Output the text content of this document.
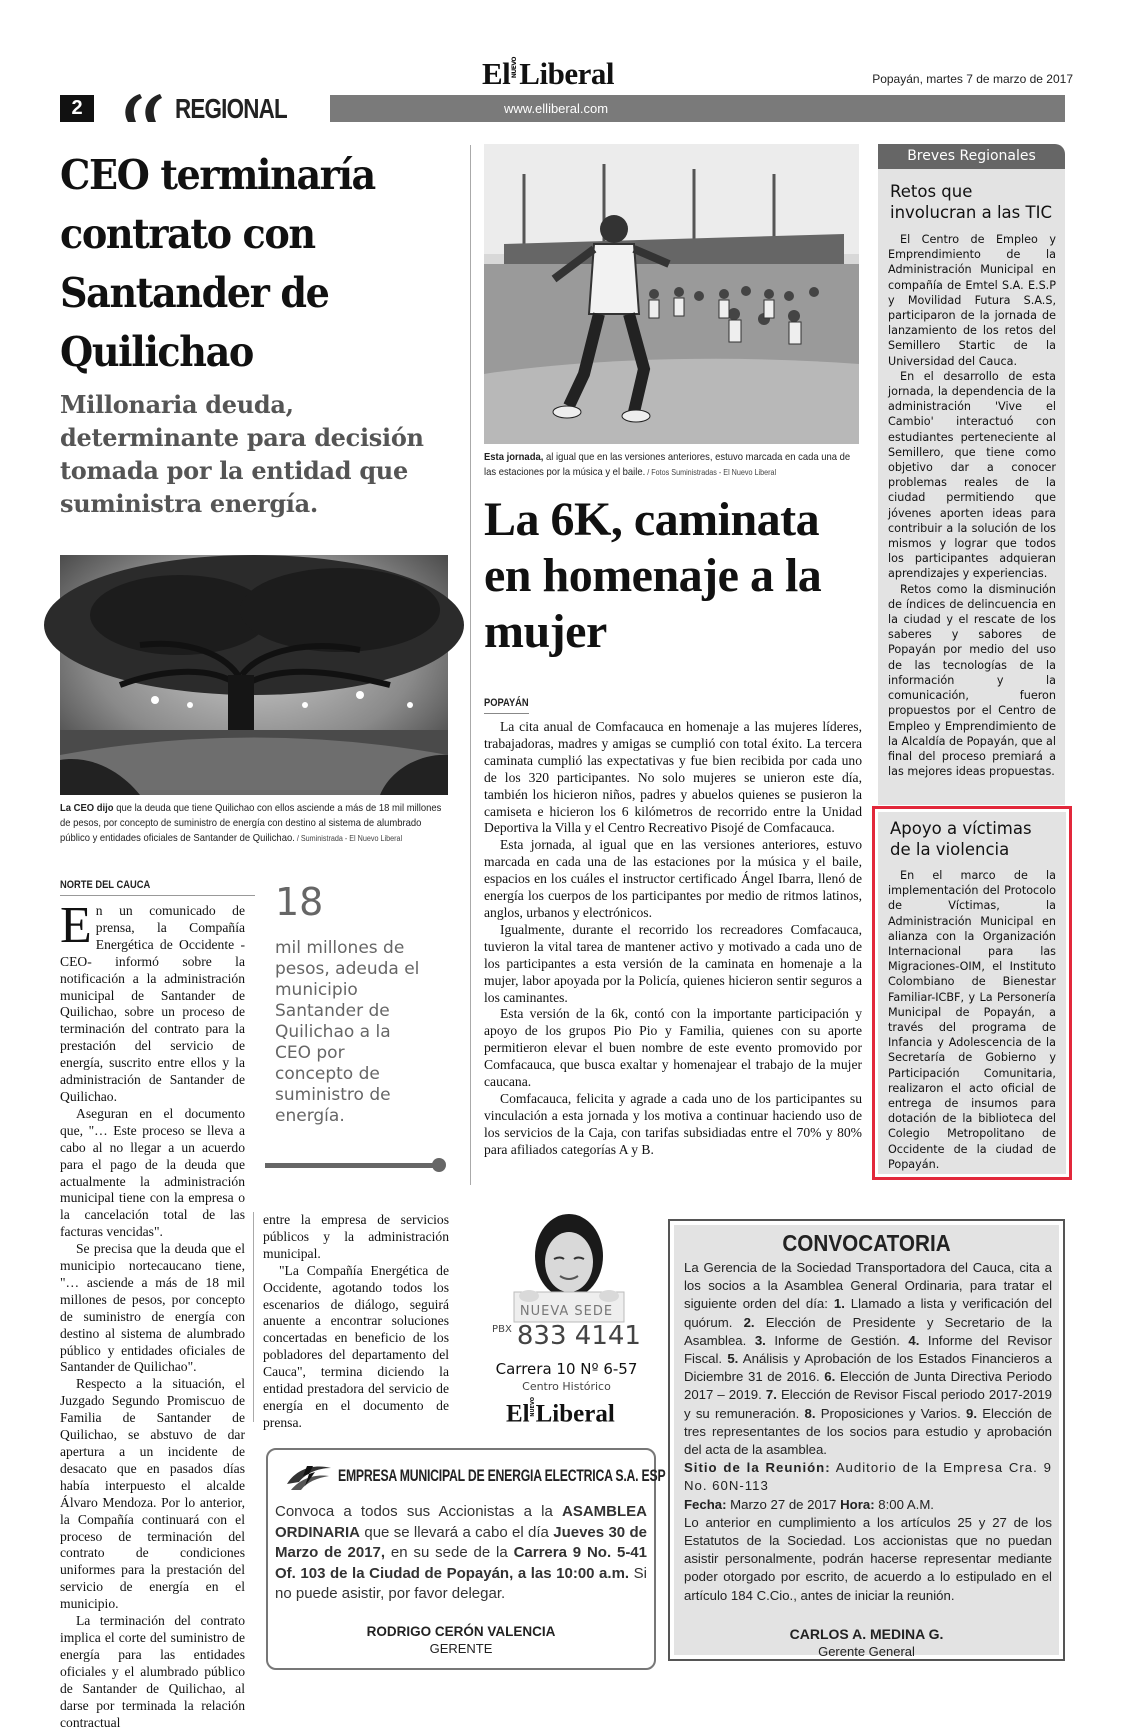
ElNUEVOLiberal	Popayán, martes 7 de marzo de 2017
2	REGIONAL	www.elliberal.com
CEO terminaría contrato con Santander de Quilichao
Millonaria deuda, determinante para decisión tomada por la entidad que suministra energía.
La CEO dijo que la deuda que tiene Quilichao con ellos asciende a más de 18 mil millones de pesos, por concepto de suministro de energía con destino al sistema de alumbrado público y entidades oficiales de Santander de Quilichao. / Suministrada - El Nuevo Liberal
NORTE DEL CAUCA

En un comunicado de prensa, la Compañía Energética de Occidente -CEO- informó sobre la notificación a la administración municipal de Santander de Quilichao, sobre un proceso de terminación del contrato para la prestación del servicio de energía, suscrito entre ellos y la administración de Santander de Quilichao.

Aseguran en el documento que, "… Este proceso se lleva a cabo al no llegar a un acuerdo para el pago de la deuda que actualmente la administración municipal tiene con la empresa o la cancelación total de las facturas vencidas".

Se precisa que la deuda que el municipio nortecaucano tiene, "… asciende a más de 18 mil millones de pesos, por concepto de suministro de energía con destino al sistema de alumbrado público y entidades oficiales de Santander de Quilichao".

Respecto a la situación, el Juzgado Segundo Promiscuo de Familia de Santander de Quilichao, se abstuvo de dar apertura a un incidente de desacato que en pasados días había interpuesto el alcalde Álvaro Mendoza. Por lo anterior, la Compañía continuará con el proceso de terminación del contrato de condiciones uniformes para la prestación del servicio de energía en el municipio.

La terminación del contrato implica el corte del suministro de energía para las entidades oficiales y el alumbrado público de Santander de Quilichao, al darse por terminada la relación contractual

18
mil millones de pesos, adeuda el municipio Santander de Quilichao a la CEO por concepto de suministro de energía.

entre la empresa de servicios públicos y la administración municipal.

"La Compañía Energética de Occidente, agotando todos los escenarios de diálogo, seguirá anuente a encontrar soluciones concertadas en beneficio de los pobladores del departamento del Cauca", termina diciendo la entidad prestadora del servicio de energía en el documento de prensa.

Esta jornada, al igual que en las versiones anteriores, estuvo marcada en cada una de las estaciones por la música y el baile. / Fotos Suministradas - El Nuevo Liberal
La 6K, caminata en homenaje a la mujer
POPAYÁN

La cita anual de Comfacauca en homenaje a las mujeres líderes, trabajadoras, madres y amigas se cumplió con total éxito. La tercera caminata cumplió las expectativas y fue bien recibida por cada uno de los 320 participantes. No solo mujeres se unieron este día, también los hicieron niños, padres y abuelos quienes se pusieron la camiseta e hicieron los 6 kilómetros de recorrido entre la Unidad Deportiva la Villa y el Centro Recreativo Pisojé de Comfacauca.

Esta jornada, al igual que en las versiones anteriores, estuvo marcada en cada una de las estaciones por la música y el baile, espacios en los cuáles el instructor certificado Ángel Ibarra, llenó de energía los cuerpos de los participantes por medio de ritmos latinos, anglos, urbanos y electrónicos.

Igualmente, durante el recorrido los recreadores Comfacauca, tuvieron la vital tarea de mantener activo y motivado a cada uno de los participantes a esta versión de la caminata en homenaje a la mujer, labor apoyada por la Policía, quienes hicieron sentir seguros a los caminantes.

Esta versión de la 6k, contó con la importante participación y apoyo de los grupos Pio Pio y Familia, quienes con su aporte permitieron elevar el buen nombre de este evento promovido por Comfacauca, que busca exaltar y homenajear el trabajo de la mujer caucana.

Comfacauca, felicita y agrade a cada uno de los participantes su vinculación a esta jornada y los motiva a continuar haciendo uso de los servicios de la Caja, con tarifas subsidiadas entre el 70% y 80% para afiliados categorías A y B.

Breves Regionales
Retos que involucran a las TIC

El Centro de Empleo y Emprendimiento de la Administración Municipal en compañía de Emtel S.A. E.S.P y Movilidad Futura S.A.S, participaron de la jornada de lanzamiento de los retos del Semillero Startic de la Universidad del Cauca.

En el desarrollo de esta jornada, la dependencia de la administración 'Vive el Cambio' interactuó con estudiantes perteneciente al Semillero, que tiene como objetivo dar a conocer problemas reales de la ciudad permitiendo que jóvenes aporten ideas para contribuir a la solución de los mismos y lograr que todos los participantes adquieran aprendizajes y experiencias.

Retos como la disminución de índices de delincuencia en la ciudad y el rescate de los saberes y sabores de Popayán por medio del uso de las tecnologías de la información y la comunicación, fueron propuestos por el Centro de Empleo y Emprendimiento de la Alcaldía de Popayán, que al final del proceso premiará a las mejores ideas propuestas.

Apoyo a víctimas de la violencia

En el marco de la implementación del Protocolo de Víctimas, la Administración Municipal en alianza con la Organización Internacional para las Migraciones-OIM, el Instituto Colombiano de Bienestar Familiar-ICBF, y La Personería Municipal de Popayán, a través del programa de Infancia y Adolescencia de la Secretaría de Gobierno y Participación Comunitaria, realizaron el acto oficial de entrega de insumos para dotación de la biblioteca del Colegio Metropolitano de Occidente de la ciudad de Popayán.

NUEVA SEDE
$^{PBX}$ 833 4141
Carrera 10 Nº 6-57
Centro Histórico
ElNUEVOLiberal
EMPRESA MUNICIPAL DE ENERGIA ELECTRICA S.A. ESP
Convoca a todos sus Accionistas a la ASAMBLEA ORDINARIA que se llevará a cabo el día Jueves 30 de Marzo de 2017, en su sede de la Carrera 9 No. 5-41 Of. 103 de la Ciudad de Popayán, a las 10:00 a.m. Si no puede asistir, por favor delegar.
RODRIGO CERÓN VALENCIA
GERENTE
CONVOCATORIA

La Gerencia de la Sociedad Transportadora del Cauca, cita a los socios a la Asamblea General Ordinaria, para tratar el siguiente orden del día: 1. Llamado a lista y verificación del quórum. 2. Elección de Presidente y Secretario de la Asamblea. 3. Informe de Gestión. 4. Informe del Revisor Fiscal. 5. Análisis y Aprobación de los Estados Financieros a Diciembre 31 de 2016. 6. Elección de Junta Directiva Periodo 2017 – 2019. 7. Elección de Revisor Fiscal periodo 2017-2019 y su remuneración. 8. Proposiciones y Varios. 9. Elección de tres representantes de los socios para estudio y aprobación del acta de la asamblea.

Sitio de la Reunión: Auditorio de la Empresa Cra. 9 No. 60N-113

Fecha: Marzo 27 de 2017 Hora: 8:00 A.M.

Lo anterior en cumplimiento a los artículos 25 y 27 de los Estatutos de la Sociedad. Los accionistas que no puedan asistir personalmente, podrán hacerse representar mediante poder otorgado por escrito, de acuerdo a lo estipulado en el artículo 184 C.Cio., antes de iniciar la reunión.

CARLOS A. MEDINA G.
Gerente General
